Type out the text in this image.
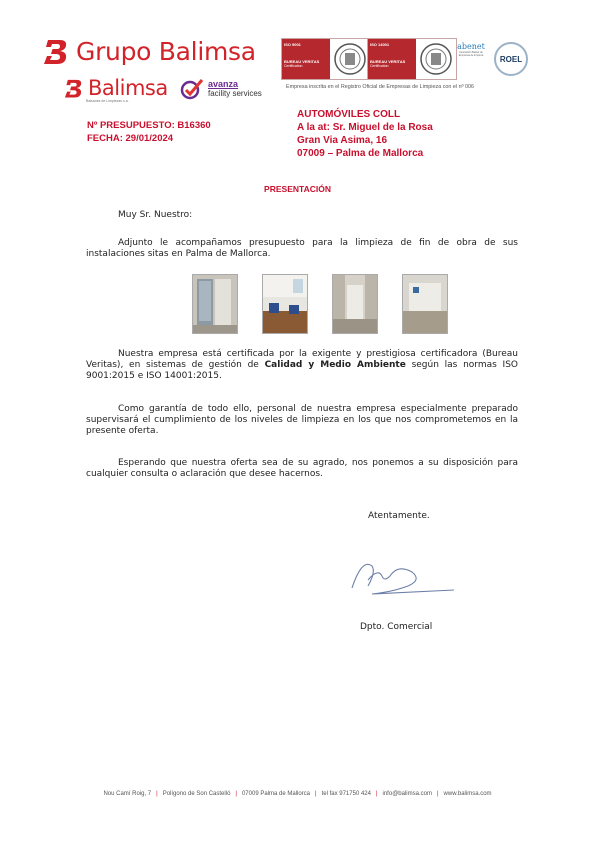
Grupo Balimsa
Balimsa
Balsanes de Limpiezas s.a.
avanza
facility services
ISO 9001
BUREAU VERITAS
Certification
ISO 14001
BUREAU VERITAS
Certification
abenet
Asociación Balear de Empresas de limpieza	ROEL
Empresa inscrita en el Registro Oficial de Empresas de Limpieza con el nº 006
AUTOMÓVILES COLL
A la at: Sr. Miguel de la Rosa
Gran Via Asima, 16
07009 – Palma de Mallorca
Nº PRESUPUESTO: B16360
FECHA: 29/01/2024
PRESENTACIÓN

Muy Sr. Nuestro:

Adjunto le acompañamos presupuesto para la limpieza de fin de obra de sus instalaciones sitas en Palma de Mallorca.

Nuestra empresa está certificada por la exigente y prestigiosa certificadora (Bureau Veritas), en sistemas de gestión de Calidad y Medio Ambiente según las normas ISO 9001:2015 e ISO 14001:2015.

Como garantía de todo ello, personal de nuestra empresa especialmente preparado supervisará el cumplimiento de los niveles de limpieza en los que nos comprometemos en la presente oferta.

Esperando que nuestra oferta sea de su agrado, nos ponemos a su disposición para cualquier consulta o aclaración que desee hacernos.

Atentamente.
Dpto. Comercial
Nou Camí Roig, 7 | Polígono de Son Castelló | 07009 Palma de Mallorca | tel fax 971750 424 | info@balimsa.com | www.balimsa.com
